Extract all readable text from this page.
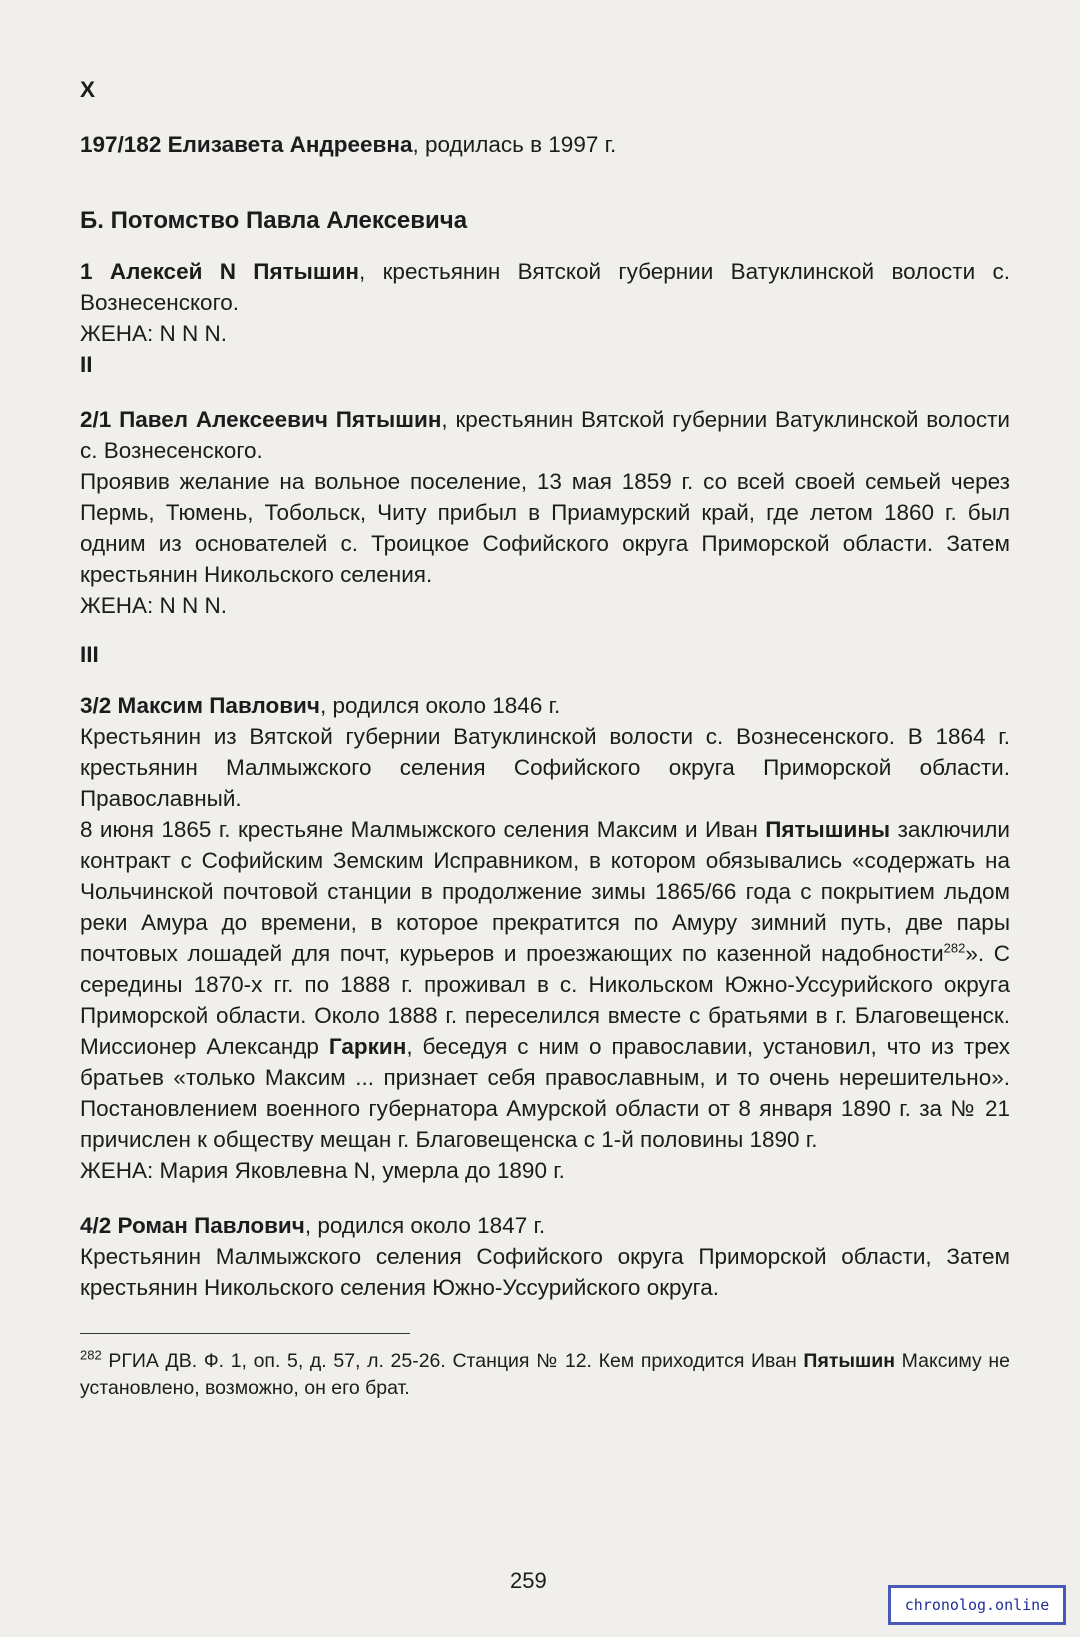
X

197/182 Елизавета Андреевна, родилась в 1997 г.

Б. Потомство Павла Алексевича

1 Алексей N Пятышин, крестьянин Вятской губернии Ватуклинской волости с. Вознесенского.

ЖЕНА: N N N.

II

2/1 Павел Алексеевич Пятышин, крестьянин Вятской губернии Ватуклинской волости с. Вознесенского.

Проявив желание на вольное поселение, 13 мая 1859 г. со всей своей семьей через Пермь, Тюмень, Тобольск, Читу прибыл в Приамурский край, где летом 1860 г. был одним из основателей с. Троицкое Софийского округа Приморской области. Затем крестьянин Никольского селения.

ЖЕНА: N N N.

III

3/2 Максим Павлович, родился около 1846 г.

Крестьянин из Вятской губернии Ватуклинской волости с. Вознесенского. В 1864 г. крестьянин Малмыжского селения Софийского округа Приморской области. Православный.

8 июня 1865 г. крестьяне Малмыжского селения Максим и Иван Пятышины заключили контракт с Софийским Земским Исправником, в котором обязывались «содержать на Чольчинской почтовой станции в продолжение зимы 1865/66 года с покрытием льдом реки Амура до времени, в которое прекратится по Амуру зимний путь, две пары почтовых лошадей для почт, курьеров и проезжающих по казенной надобности$^{282}$». С середины 1870-х гг. по 1888 г. проживал в с. Никольском Южно-Уссурийского округа Приморской области. Около 1888 г. переселился вместе с братьями в г. Благовещенск. Миссионер Александр Гаркин, беседуя с ним о православии, установил, что из трех братьев «только Максим ... признает себя православным, и то очень нерешительно». Постановлением военного губернатора Амурской области от 8 января 1890 г. за № 21 причислен к обществу мещан г. Благовещенска с 1-й половины 1890 г.

ЖЕНА: Мария Яковлевна N, умерла до 1890 г.

4/2 Роман Павлович, родился около 1847 г.

Крестьянин Малмыжского селения Софийского округа Приморской области, Затем крестьянин Никольского селения Южно-Уссурийского округа.

$^{282}$ РГИА ДВ. Ф. 1, оп. 5, д. 57, л. 25-26. Станция № 12. Кем приходится Иван Пятышин Максиму не установлено, возможно, он его брат.

259
chronolog.online
